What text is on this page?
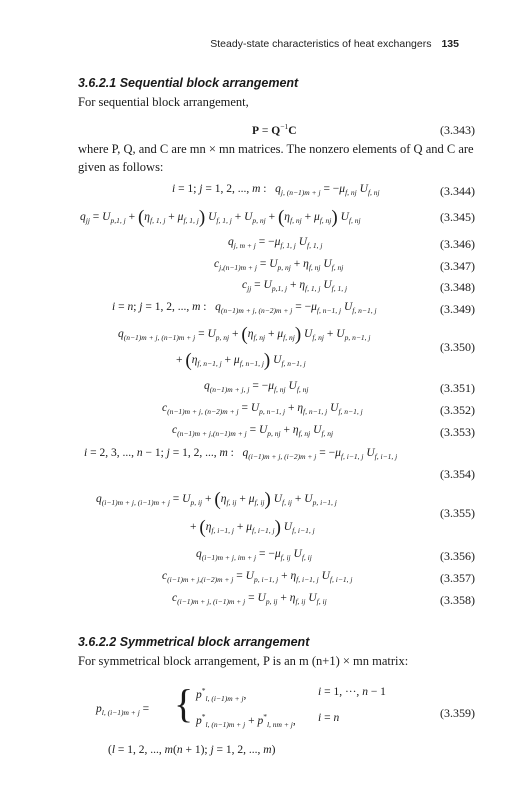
Steady-state characteristics of heat exchangers 135
3.6.2.1 Sequential block arrangement
For sequential block arrangement,
$P = Q^{-1}C$	(3.343)
where P, Q, and C are mn × mn matrices. The nonzero elements of Q and C are given as follows:
i = 1; j = 1, 2, ..., m :   $q_{j, (n-1)m + j} = -\mu_{f, nj}$ $U_{f, nj}$	(3.344)
$q_{jj} = U_{p,1, j} + (\eta_{f, 1, j} + \mu_{f, 1, j}) U_{f, 1, j} + U_{p, nj} + (\eta_{f, nj} + \mu_{f, nj})$ $U_{f, nj}$	(3.345)
$q_{j, m + j} = -\mu_{f, 1, j}$ $U_{f, 1, j}$	(3.346)
$c_{j,(n-1)m + j} = U_{p, nj} + \eta_{f, nj}$ $U_{f, nj}$	(3.347)
$c_{jj} = U_{p,1, j} + \eta_{f, 1, j}$ $U_{f, 1, j}$	(3.348)
i = n; j = 1, 2, ..., m :   $q_{(n-1)m + j, (n-2)m + j} = -\mu_{f, n-1, j}$ $U_{f, n-1, j}$	(3.349)
$q_{(n-1)m + j, (n-1)m + j} = U_{p, nj} + (\eta_{f, nj} + \mu_{f, nj}) U_{f, nj} + U_{p, n-1, j}$
+ $(\eta_{f, n-1, j} + \mu_{f, n-1, j})$ $U_{f, n-1, j}$
(3.350)
$q_{(n-1)m + j, j} = -\mu_{f, nj}$ $U_{f, nj}$	(3.351)
$c_{(n-1)m + j, (n-2)m + j} = U_{p, n-1, j} + \eta_{f, n-1, j}$ $U_{f, n-1, j}$	(3.352)
$c_{(n-1)m + j,(n-1)m + j} = U_{p, nj} + \eta_{f, nj}$ $U_{f, nj}$	(3.353)
i = 2, 3, ..., n − 1; j = 1, 2, ..., m :   $q_{(i-1)m + j, (i-2)m + j} = -\mu_{f, i-1, j}$ $U_{f, i-1, j}$
(3.354)
$q_{(i-1)m + j, (i-1)m + j} = U_{p, ij} + (\eta_{f, ij} + \mu_{f, ij}) U_{f, ij} + U_{p, i-1, j}$
+ $(\eta_{f, i-1, j} + \mu_{f, i-1, j})$ $U_{f, i-1, j}$
(3.355)
$q_{(i-1)m + j, im + j} = -\mu_{f, ij}$ $U_{f, ij}$	(3.356)
$c_{(i-1)m + j,(i-2)m + j} = U_{p, i-1, j} + \eta_{f, i-1, j}$ $U_{f, i-1, j}$	(3.357)
$c_{(i-1)m + j, (i-1)m + j} = U_{p, ij} + \eta_{f, ij}$ $U_{f, ij}$	(3.358)
3.6.2.2 Symmetrical block arrangement
For symmetrical block arrangement, P is an m (n+1) × mn matrix:
$p_{l, (i-1)m + j}$ = { $p^*_{l, (i-1)m + j}$,	i = 1, ···, n − 1
$p^*_{l, (n-1)m + j} + p^*_{l, nm + j}$, i = n	(3.359)
(l = 1, 2, ..., m(n + 1); j = 1, 2, ..., m)
